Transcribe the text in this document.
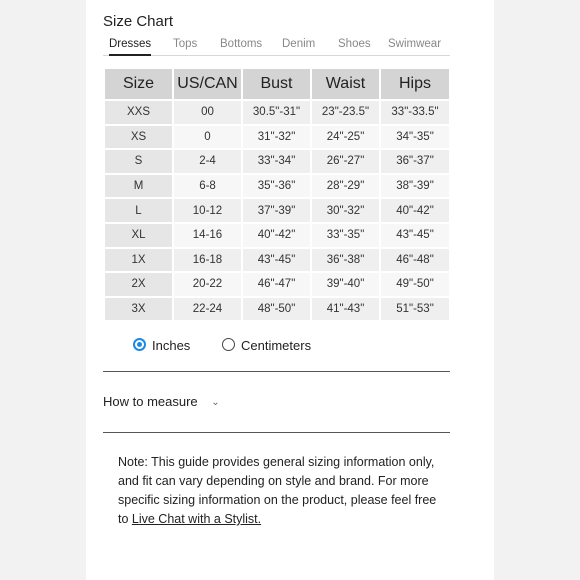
Size Chart
Dresses Tops Bottoms Denim Shoes Swimwear
Size	US/CAN	Bust	Waist	Hips
XXS	00	30.5"-31"	23"-23.5"	33"-33.5"
XS	0	31"-32"	24"-25"	34"-35"
S	2-4	33"-34"	26"-27"	36"-37"
M	6-8	35"-36"	28"-29"	38"-39"
L	10-12	37"-39"	30"-32"	40"-42"
XL	14-16	40"-42"	33"-35"	43"-45"
1X	16-18	43"-45"	36"-38"	46"-48"
2X	20-22	46"-47"	39"-40"	49"-50"
3X	22-24	48"-50"	41"-43"	51"-53"
Inches	Centimeters
How to measure ⌄
Note: This guide provides general sizing information only, and fit can vary depending on style and brand. For more specific sizing information on the product, please feel free to Live Chat with a Stylist.
